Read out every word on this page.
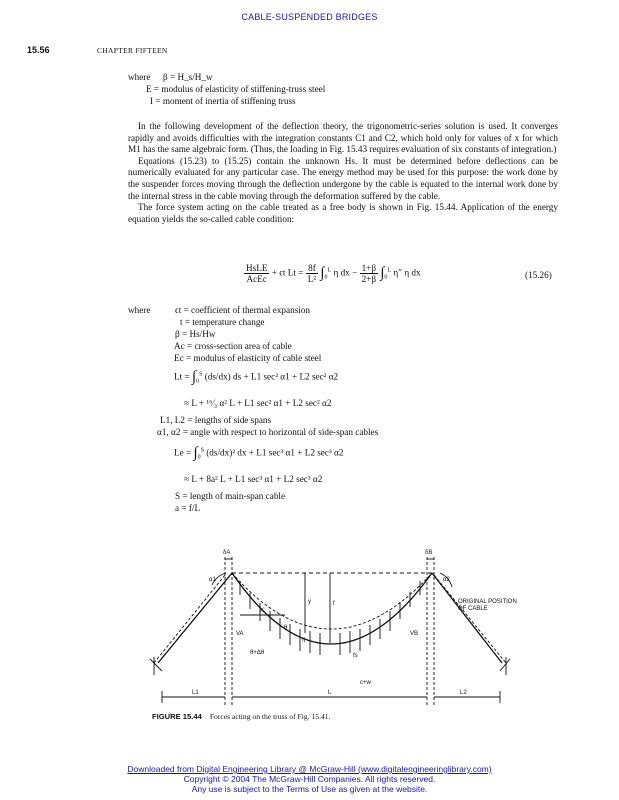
CABLE-SUSPENDED BRIDGES
15.56	CHAPTER FIFTEEN
where β = H_s/H_w
E = modulus of elasticity of stiffening-truss steel
I = moment of inertia of stiffening truss

In the following development of the deflection theory, the trigonometric-series solution is used. It converges rapidly and avoids difficulties with the integration constants C1 and C2, which hold only for values of x for which M1 has the same algebraic form. (Thus, the loading in Fig. 15.43 requires evaluation of six constants of integration.)

Equations (15.23) to (15.25) contain the unknown Hs. It must be determined before deflections can be numerically evaluated for any particular case. The energy method may be used for this purpose: the work done by the suspender forces moving through the deflection undergone by the cable is equated to the internal work done by the internal stress in the cable moving through the deformation suffered by the cable.

The force system acting on the cable treated as a free body is shown in Fig. 15.44. Application of the energy equation yields the so-called cable condition:

$\frac{\text{HsLE}}{\text{AcEc}} + \epsilon t$ $Lt = \frac{8f}{\text{L²}} \int_0^L$ η dx − $\frac{1+\beta}{2+\beta} \int_0^L$ η″ η dx	(15.26)
where	ϵt = coefficient of thermal expansion
t = temperature change
β = Hs/Hw
Ac = cross-section area of cable
Ec = modulus of elasticity of cable steel
$Lt = \int_0^S$ (ds/dx) ds + L1 sec² α1 + L2 sec² α2
≈ L + ¹⁶⁄₃ α² L + L1 sec² α1 + L2 sec² α2
L1, L2 = lengths of side spans
α1, α2 = angle with respect to horizontal of side-span cables
$Le = \int_0^S$ (ds/dx)² dx + L1 sec³ α1 + L2 sec³ α2
≈ L + 8a² L + L1 sec³ α1 + L2 sec³ α2
S = length of main-span cable
a = f/L
δA	δB
α1	α2
ORIGINAL POSITION
OF CABLE
y	f
X
VA	VB
θ
η
θ+Δθ	fs
c+w
L1	L	L2
FIGURE 15.44 Forces acting on the truss of Fig. 15.41.
Downloaded from Digital Engineering Library @ McGraw-Hill (www.digitalengineeringlibrary.com)
Copyright © 2004 The McGraw-Hill Companies. All rights reserved.
Any use is subject to the Terms of Use as given at the website.
